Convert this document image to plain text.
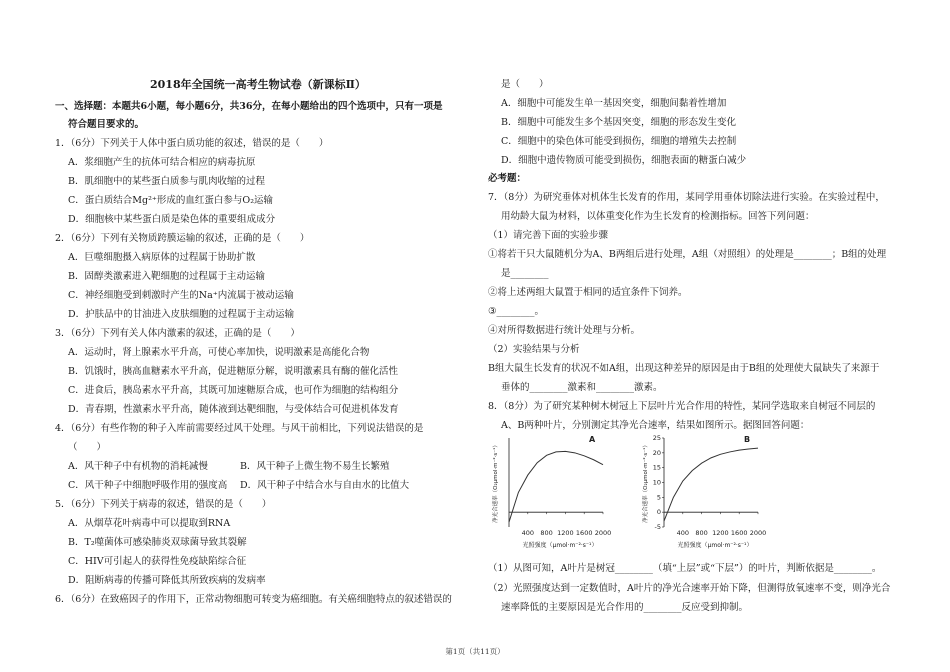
2018年全国统一高考生物试卷（新课标Ⅱ）
一、选择题：本题共6小题，每小题6分，共36分，在每小题给出的四个选项中，只有一项是
符合题目要求的。
1．（6分）下列关于人体中蛋白质功能的叙述，错误的是（　　）
A．浆细胞产生的抗体可结合相应的病毒抗原
B．肌细胞中的某些蛋白质参与肌肉收缩的过程
C．蛋白质结合Mg²⁺形成的血红蛋白参与O₂运输
D．细胞核中某些蛋白质是染色体的重要组成成分
2．（6分）下列有关物质跨膜运输的叙述，正确的是（　　）
A．巨噬细胞摄入病原体的过程属于协助扩散
B．固醇类激素进入靶细胞的过程属于主动运输
C．神经细胞受到刺激时产生的Na⁺内流属于被动运输
D．护肤品中的甘油进入皮肤细胞的过程属于主动运输
3．（6分）下列有关人体内激素的叙述，正确的是（　　）
A．运动时，肾上腺素水平升高，可使心率加快，说明激素是高能化合物
B．饥饿时，胰高血糖素水平升高，促进糖原分解，说明激素具有酶的催化活性
C．进食后，胰岛素水平升高，其既可加速糖原合成，也可作为细胞的结构组分
D．青春期，性激素水平升高，随体液到达靶细胞，与受体结合可促进机体发育
4．（6分）有些作物的种子入库前需要经过风干处理。与风干前相比，下列说法错误的是
（　　）
A．风干种子中有机物的消耗减慢	B．风干种子上微生物不易生长繁殖
C．风干种子中细胞呼吸作用的强度高 D．风干种子中结合水与自由水的比值大
5．（6分）下列关于病毒的叙述，错误的是（　　）
A．从烟草花叶病毒中可以提取到RNA
B．T₂噬菌体可感染肺炎双球菌导致其裂解
C．HIV可引起人的获得性免疫缺陷综合征
D．阻断病毒的传播可降低其所致疾病的发病率
6．（6分）在致癌因子的作用下，正常动物细胞可转变为癌细胞。有关癌细胞特点的叙述错误的
是（　　）
A．细胞中可能发生单一基因突变，细胞间黏着性增加
B．细胞中可能发生多个基因突变，细胞的形态发生变化
C．细胞中的染色体可能受到损伤，细胞的增殖失去控制
D．细胞中遗传物质可能受到损伤，细胞表面的糖蛋白减少
必考题：
7．（8分）为研究垂体对机体生长发育的作用，某同学用垂体切除法进行实验。在实验过程中，
用幼龄大鼠为材料，以体重变化作为生长发育的检测指标。回答下列问题：
（1）请完善下面的实验步骤
①将若干只大鼠随机分为A、B两组后进行处理，A组（对照组）的处理是________；B组的处理
是________
②将上述两组大鼠置于相同的适宜条件下饲养。
③________。
④对所得数据进行统计处理与分析。
（2）实验结果与分析
B组大鼠生长发育的状况不如A组，出现这种差异的原因是由于B组的处理使大鼠缺失了来源于
垂体的________激素和________激素。
8．（8分）为了研究某种树木树冠上下层叶片光合作用的特性，某同学选取来自树冠不同层的
A、B两种叶片，分别测定其净光合速率，结果如图所示。据图回答问题：
（1）从图可知，A叶片是树冠________（填“上层”或“下层”）的叶片，判断依据是________。
（2）光照强度达到一定数值时，A叶片的净光合速率开始下降，但测得放氧速率不变，则净光合
速率降低的主要原因是光合作用的________反应受到抑制。
400 800 1200 1600 2000
A
光照强度（μmol·m⁻²·s⁻¹）
净光合速率（O₂μmol·m⁻²·s⁻¹）
400 800 1200 1600 2000
-5
0
5
10
15
20
25	B
光照强度（μmol·m⁻²·s⁻¹）
净光合速率（O₂μmol·m⁻²·s⁻¹）
第1页（共11页）
